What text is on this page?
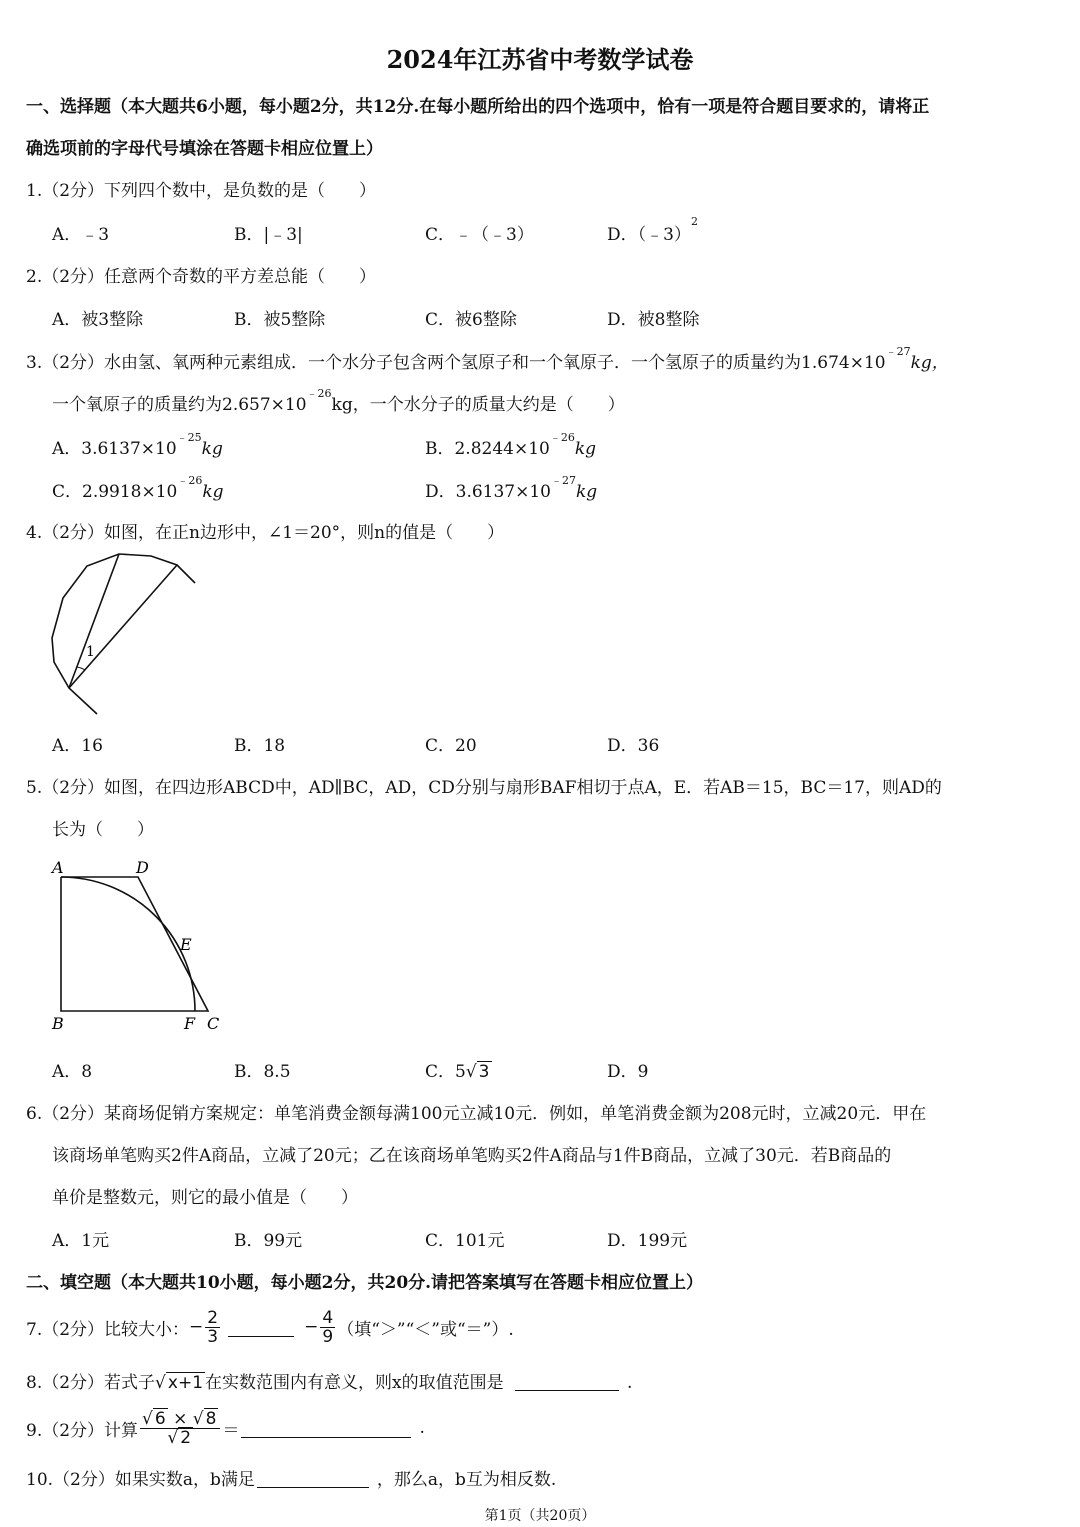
2024年江苏省中考数学试卷
一、选择题（本大题共6小题，每小题2分，共12分.在每小题所给出的四个选项中，恰有一项是符合题目要求的，请将正
确选项前的字母代号填涂在答题卡相应位置上）
1.（2分）下列四个数中，是负数的是（　　）
A．﹣3	B．|﹣3|	C．﹣（﹣3）	D．（﹣3）$^2$
2.（2分）任意两个奇数的平方差总能（　　）
A．被3整除	B．被5整除	C．被6整除	D．被8整除
3.（2分）水由氢、氧两种元素组成．一个水分子包含两个氢原子和一个氧原子．一个氢原子的质量约为$1.674\times 10^{﹣27}kg$，
一个氧原子的质量约为$2.657\times 10^{﹣26}kg$，一个水分子的质量大约是（　　）
A．$3.6137\times 10^{﹣25}kg$	B．$2.8244\times 10^{﹣26}kg$
C．$2.9918\times 10^{﹣26}kg$	D．$3.6137\times 10^{﹣27}kg$
4.（2分）如图，在正n边形中，∠1＝20°，则n的值是（　　）
1
A．16	B．18	C．20	D．36
5.（2分）如图，在四边形ABCD中，AD∥BC，AD，CD分别与扇形BAF相切于点A，E．若AB＝15，BC＝17，则AD的
长为（　　）
A	D
E
B	F C
A．8	B．8.5	C．5√ 3	D．9
6.（2分）某商场促销方案规定：单笔消费金额每满100元立减10元．例如，单笔消费金额为208元时，立减20元．甲在
该商场单笔购买2件A商品，立减了20元；乙在该商场单笔购买2件A商品与1件B商品，立减了30元．若B商品的
单价是整数元，则它的最小值是（　　）
A．1元	B．99元	C．101元	D．199元
二、填空题（本大题共10小题，每小题2分，共20分.请把答案填写在答题卡相应位置上）
7.（2分）比较大小： − $\frac{2}{3}$	− $\frac{4}{9}$ （填“＞”“＜”或“＝”）.
8.（2分）若式子√ x+1 在实数范围内有意义，则x的取值范围是	.
9.（2分）计算 $\frac{√ 6 \times √ 8}{√ 2}$ ＝	.
10.（2分）如果实数a，b满足	，那么a，b互为相反数.
第1页（共20页）
